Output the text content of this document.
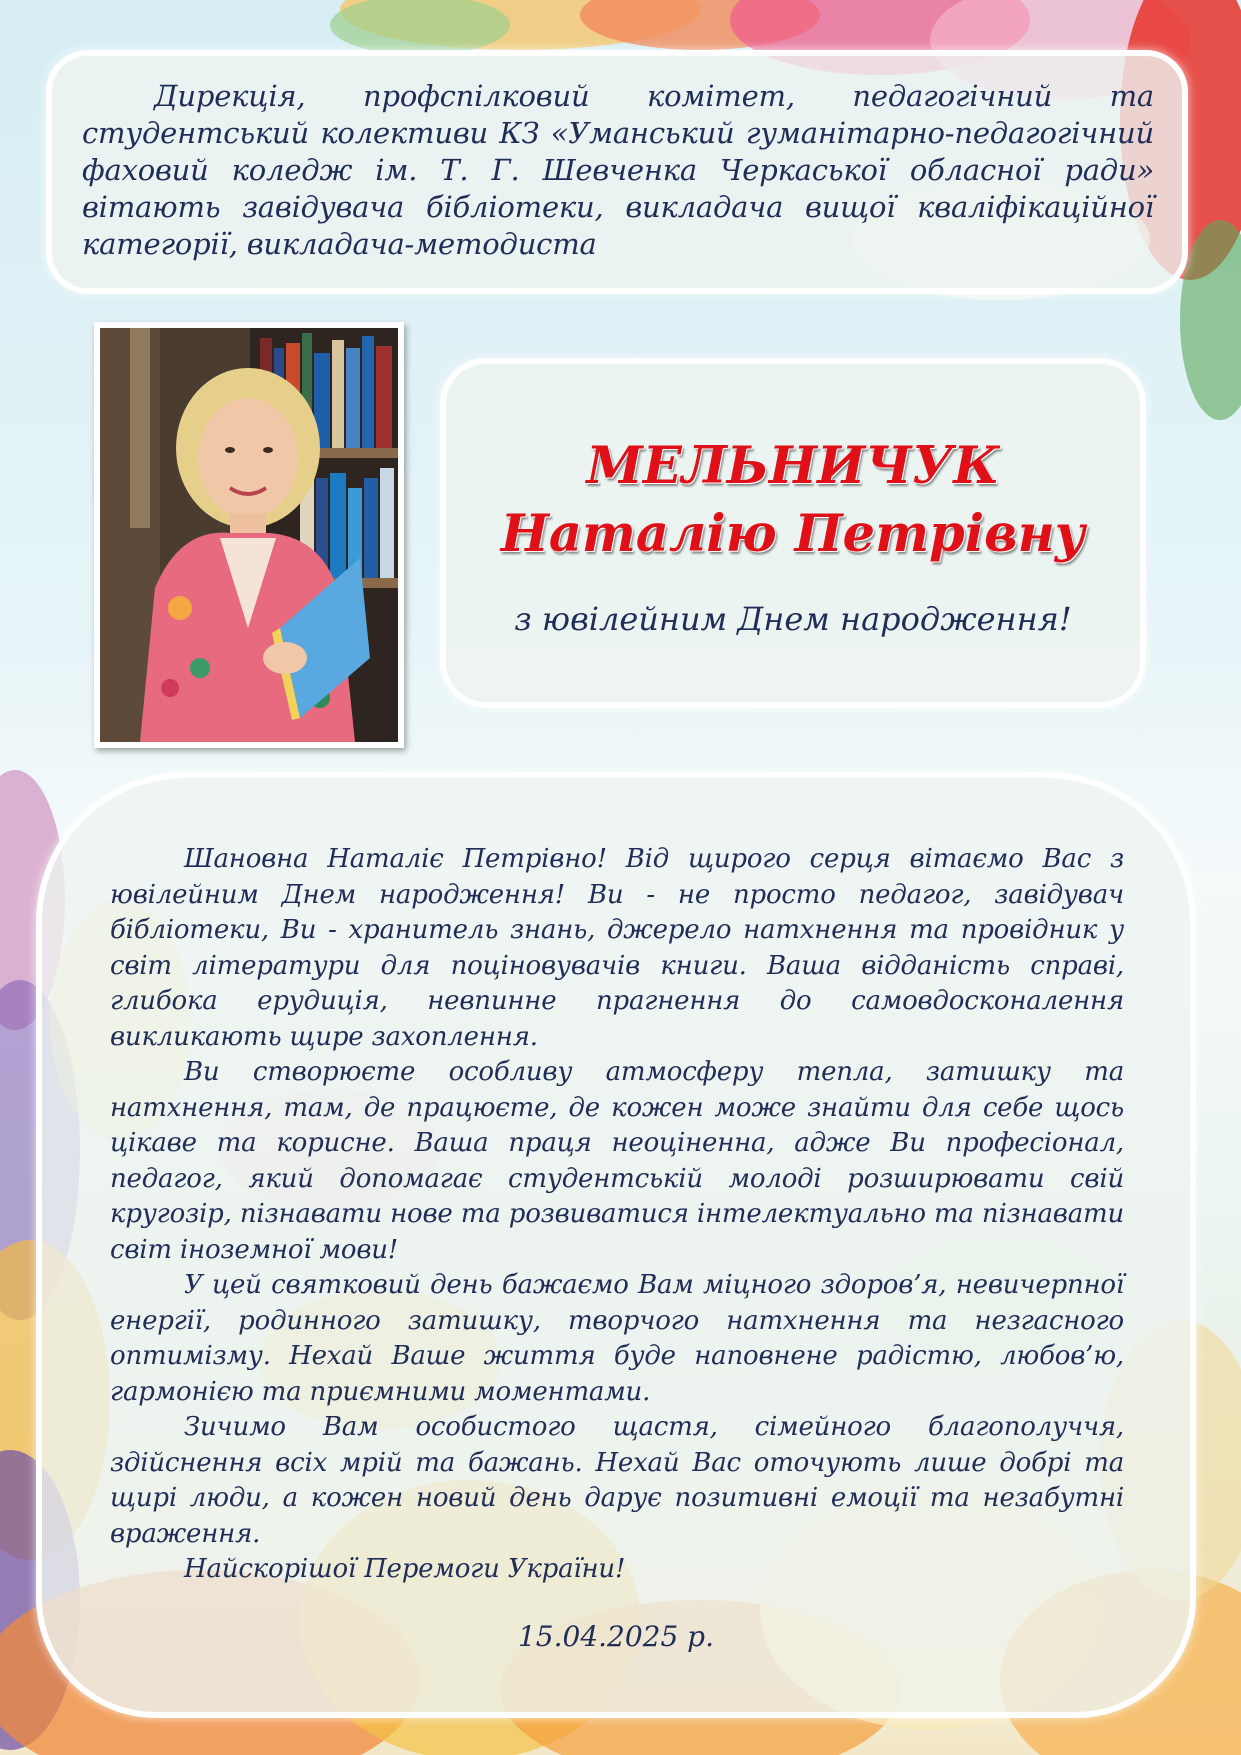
Дирекція, профспілковий комітет, педагогічний та студентський колективи КЗ «Уманський гуманітарно-педагогічний фаховий коледж ім. Т. Г. Шевченка Черкаської обласної ради» вітають завідувача бібліотеки, викладача вищої кваліфікаційної категорії, викладача-методиста
МЕЛЬНИЧУК
Наталію Петрівну
з ювілейним Днем народження!

Шановна Наталіє Петрівно! Від щирого серця вітаємо Вас з ювілейним Днем народження! Ви - не просто педагог, завідувач бібліотеки, Ви - хранитель знань, джерело натхнення та провідник у світ літератури для поціновувачів книги. Ваша відданість справі, глибока ерудиція, невпинне прагнення до самовдосконалення викликають щире захоплення.

Ви створюєте особливу атмосферу тепла, затишку та натхнення, там, де працюєте, де кожен може знайти для себе щось цікаве та корисне. Ваша праця неоціненна, адже Ви професіонал, педагог, який допомагає студентській молоді розширювати свій кругозір, пізнавати нове та розвиватися інтелектуально та пізнавати світ іноземної мови!

У цей святковий день бажаємо Вам міцного здоров’я, невичерпної енергії, родинного затишку, творчого натхнення та незгасного оптимізму. Нехай Ваше життя буде наповнене радістю, любов’ю, гармонією та приємними моментами.

Зичимо Вам особистого щастя, сімейного благополуччя, здійснення всіх мрій та бажань. Нехай Вас оточують лише добрі та щирі люди, а кожен новий день дарує позитивні емоції та незабутні враження.

Найскорішої Перемоги України!

15.04.2025 р.
